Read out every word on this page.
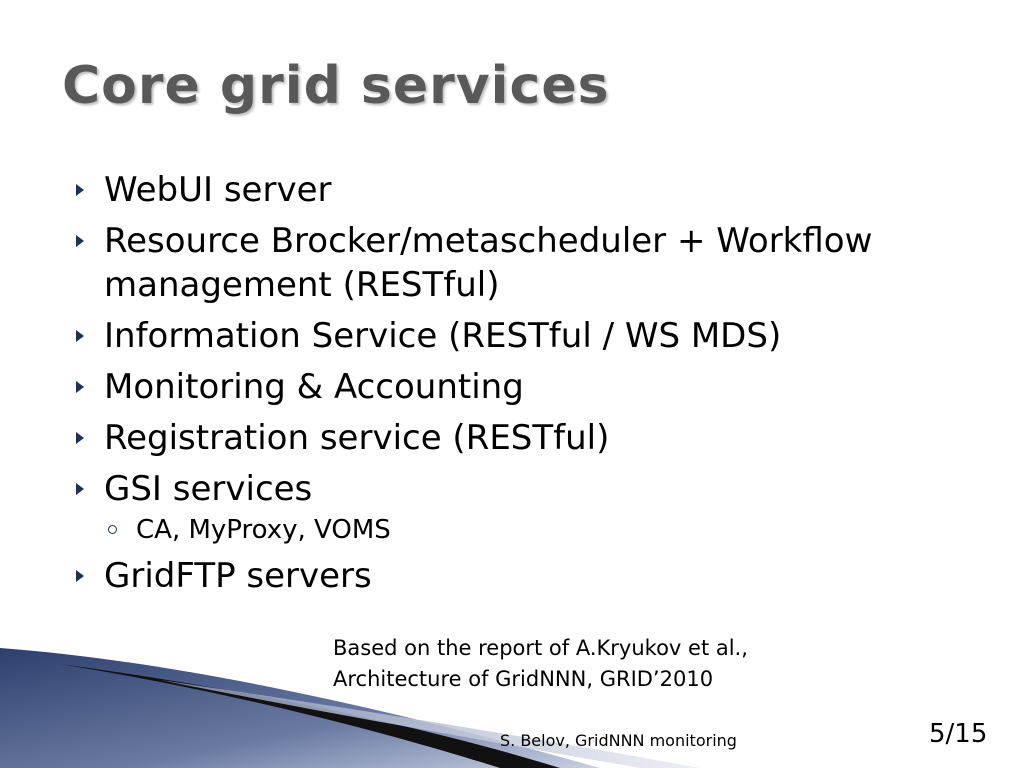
Core grid services
WebUI server
Resource Brocker/metascheduler + Workflow management (RESTful)
Information Service (RESTful / WS MDS)
Monitoring & Accounting
Registration service (RESTful)
GSI services
CA, MyProxy, VOMS
GridFTP servers
Based on the report of A.Kryukov et al.,
Architecture of GridNNN, GRID’2010
S. Belov, GridNNN monitoring	5/15
